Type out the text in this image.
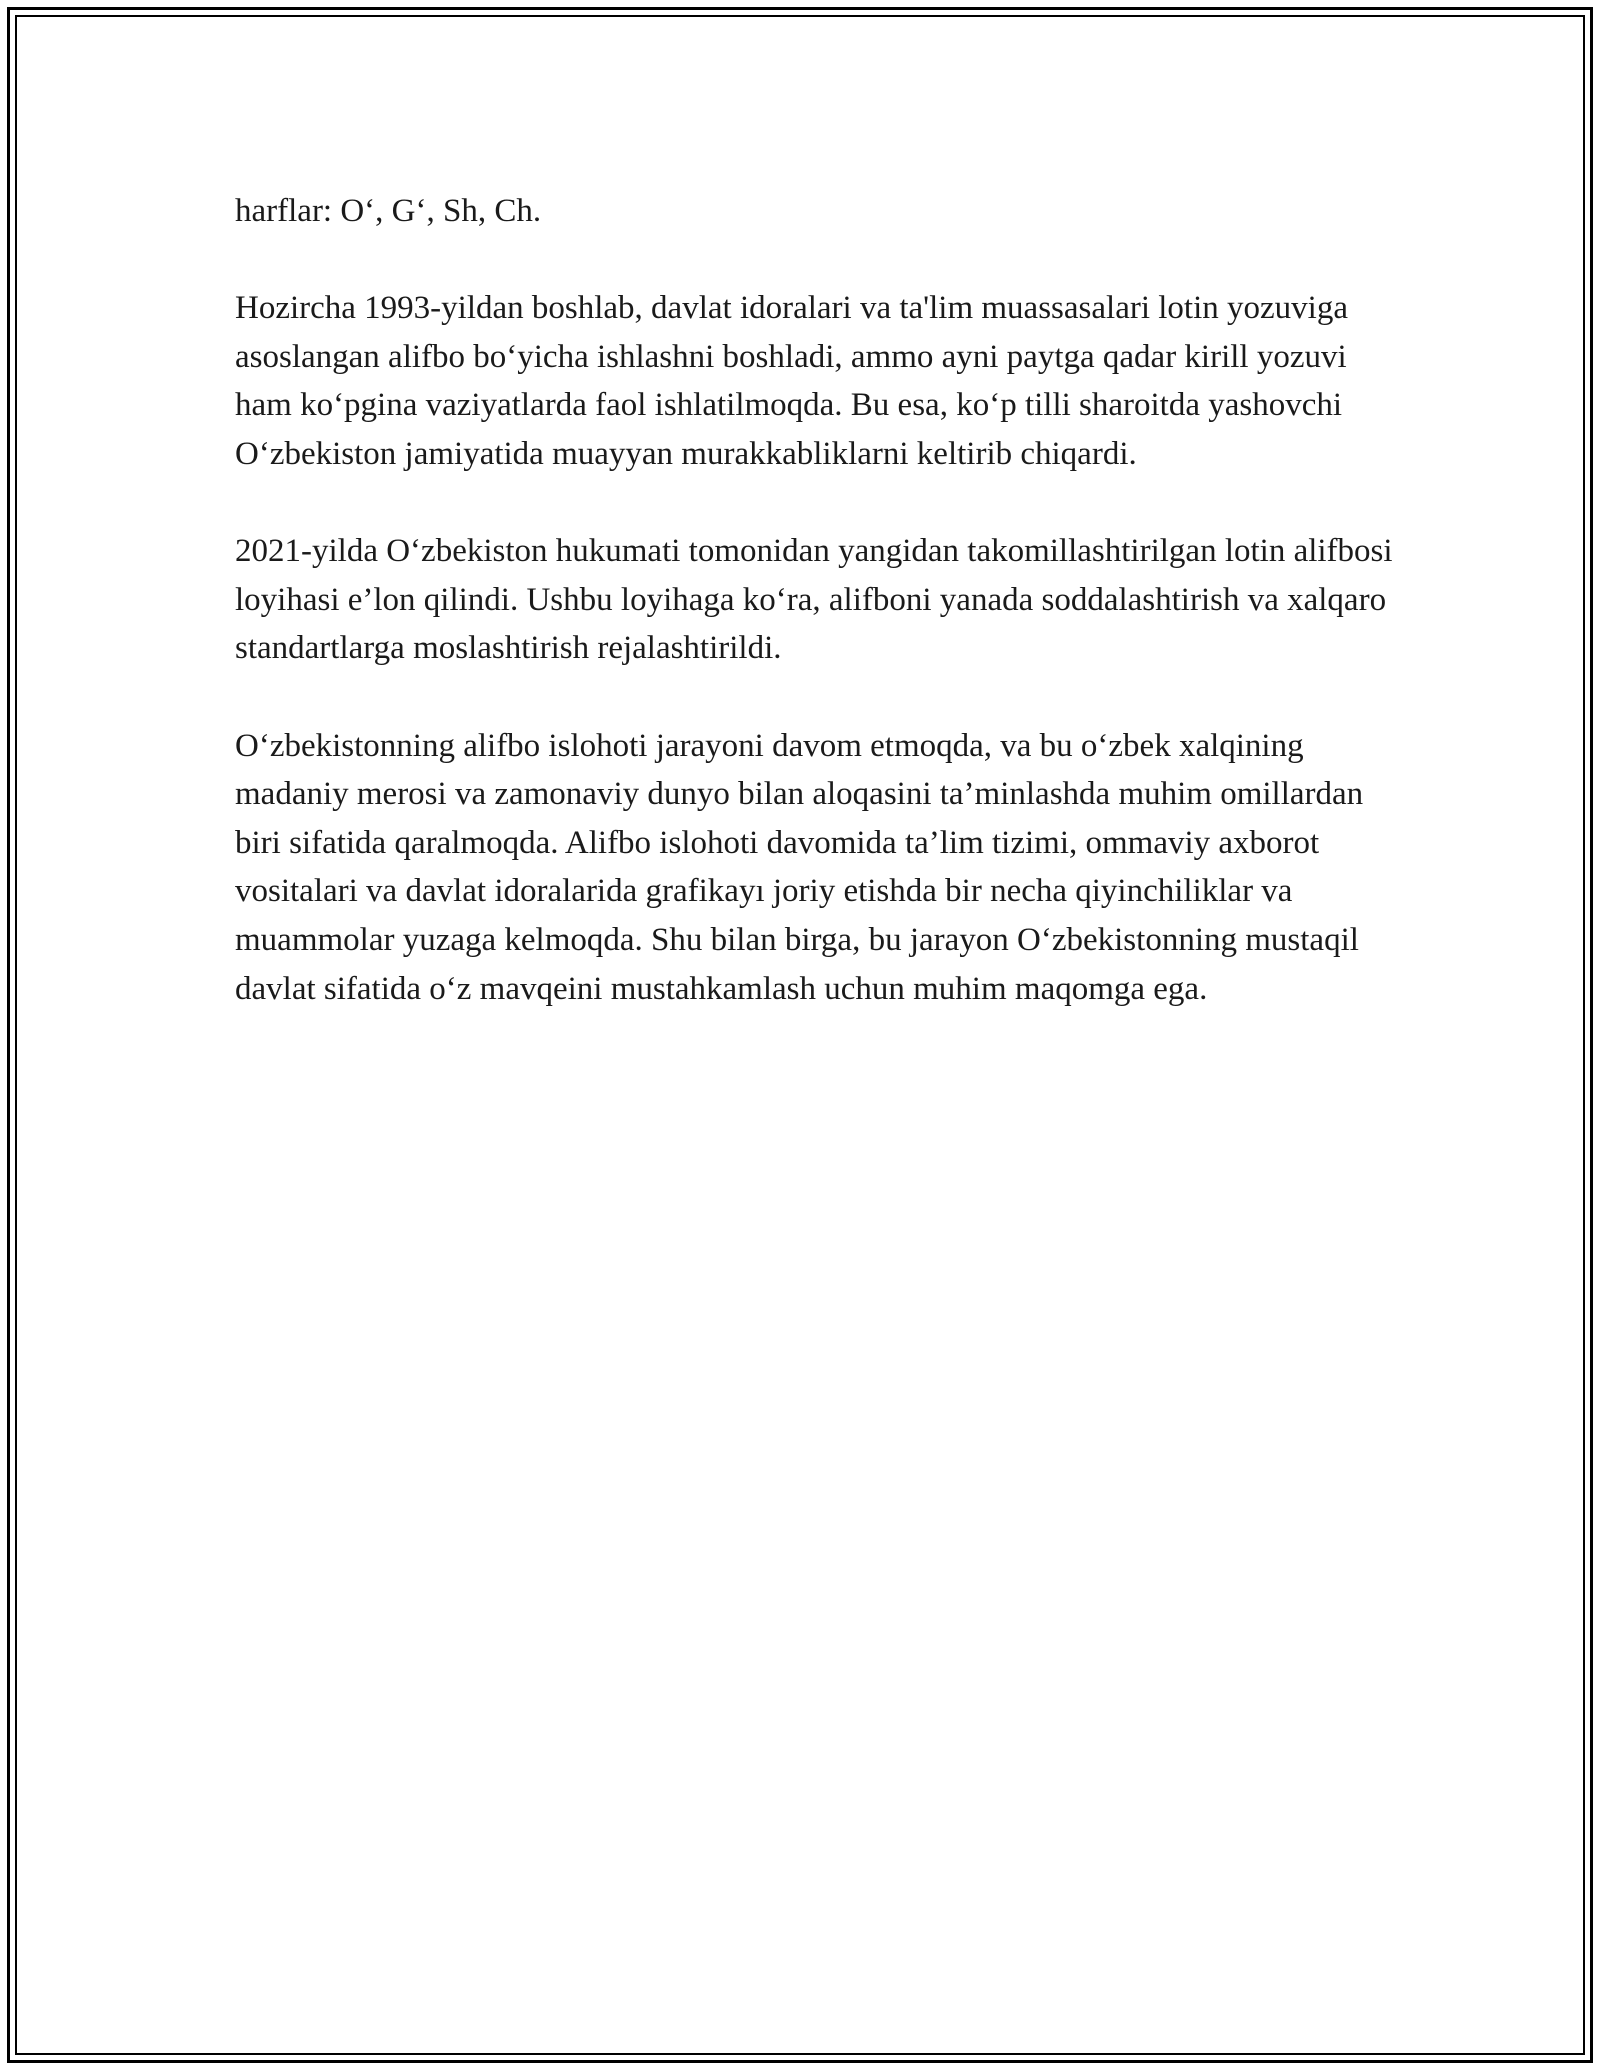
harflar: O‘, G‘, Sh, Ch.

Hozircha 1993-yildan boshlab, davlat idoralari va ta'lim muassasalari lotin yozuviga asoslangan alifbo bo‘yicha ishlashni boshladi, ammo ayni paytga qadar kirill yozuvi ham ko‘pgina vaziyatlarda faol ishlatilmoqda. Bu esa, ko‘p tilli sharoitda yashovchi O‘zbekiston jamiyatida muayyan murakkabliklarni keltirib chiqardi.

2021-yilda O‘zbekiston hukumati tomonidan yangidan takomillashtirilgan lotin alifbosi loyihasi e’lon qilindi. Ushbu loyihaga ko‘ra, alifboni yanada soddalashtirish va xalqaro standartlarga moslashtirish rejalashtirildi.

O‘zbekistonning alifbo islohoti jarayoni davom etmoqda, va bu o‘zbek xalqining madaniy merosi va zamonaviy dunyo bilan aloqasini ta’minlashda muhim omillardan biri sifatida qaralmoqda. Alifbo islohoti davomida ta’lim tizimi, ommaviy axborot vositalari va davlat idoralarida grafikayı joriy etishda bir necha qiyinchiliklar va muammolar yuzaga kelmoqda. Shu bilan birga, bu jarayon O‘zbekistonning mustaqil davlat sifatida o‘z mavqeini mustahkamlash uchun muhim maqomga ega.
